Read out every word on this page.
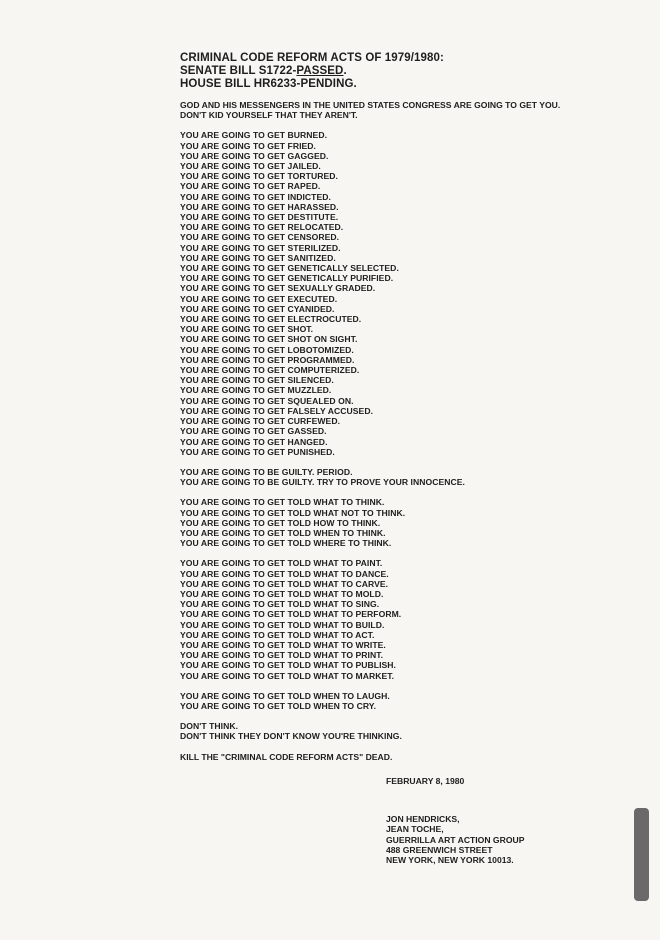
CRIMINAL CODE REFORM ACTS OF 1979/1980:
SENATE BILL S1722-PASSED.
HOUSE BILL HR6233-PENDING.
GOD AND HIS MESSENGERS IN THE UNITED STATES CONGRESS ARE GOING TO GET YOU.
DON'T KID YOURSELF THAT THEY AREN'T.
YOU ARE GOING TO GET BURNED.
YOU ARE GOING TO GET FRIED.
YOU ARE GOING TO GET GAGGED.
YOU ARE GOING TO GET JAILED.
YOU ARE GOING TO GET TORTURED.
YOU ARE GOING TO GET RAPED.
YOU ARE GOING TO GET INDICTED.
YOU ARE GOING TO GET HARASSED.
YOU ARE GOING TO GET DESTITUTE.
YOU ARE GOING TO GET RELOCATED.
YOU ARE GOING TO GET CENSORED.
YOU ARE GOING TO GET STERILIZED.
YOU ARE GOING TO GET SANITIZED.
YOU ARE GOING TO GET GENETICALLY SELECTED.
YOU ARE GOING TO GET GENETICALLY PURIFIED.
YOU ARE GOING TO GET SEXUALLY GRADED.
YOU ARE GOING TO GET EXECUTED.
YOU ARE GOING TO GET CYANIDED.
YOU ARE GOING TO GET ELECTROCUTED.
YOU ARE GOING TO GET SHOT.
YOU ARE GOING TO GET SHOT ON SIGHT.
YOU ARE GOING TO GET LOBOTOMIZED.
YOU ARE GOING TO GET PROGRAMMED.
YOU ARE GOING TO GET COMPUTERIZED.
YOU ARE GOING TO GET SILENCED.
YOU ARE GOING TO GET MUZZLED.
YOU ARE GOING TO GET SQUEALED ON.
YOU ARE GOING TO GET FALSELY ACCUSED.
YOU ARE GOING TO GET CURFEWED.
YOU ARE GOING TO GET GASSED.
YOU ARE GOING TO GET HANGED.
YOU ARE GOING TO GET PUNISHED.
YOU ARE GOING TO BE GUILTY. PERIOD.
YOU ARE GOING TO BE GUILTY. TRY TO PROVE YOUR INNOCENCE.
YOU ARE GOING TO GET TOLD WHAT TO THINK.
YOU ARE GOING TO GET TOLD WHAT NOT TO THINK.
YOU ARE GOING TO GET TOLD HOW TO THINK.
YOU ARE GOING TO GET TOLD WHEN TO THINK.
YOU ARE GOING TO GET TOLD WHERE TO THINK.
YOU ARE GOING TO GET TOLD WHAT TO PAINT.
YOU ARE GOING TO GET TOLD WHAT TO DANCE.
YOU ARE GOING TO GET TOLD WHAT TO CARVE.
YOU ARE GOING TO GET TOLD WHAT TO MOLD.
YOU ARE GOING TO GET TOLD WHAT TO SING.
YOU ARE GOING TO GET TOLD WHAT TO PERFORM.
YOU ARE GOING TO GET TOLD WHAT TO BUILD.
YOU ARE GOING TO GET TOLD WHAT TO ACT.
YOU ARE GOING TO GET TOLD WHAT TO WRITE.
YOU ARE GOING TO GET TOLD WHAT TO PRINT.
YOU ARE GOING TO GET TOLD WHAT TO PUBLISH.
YOU ARE GOING TO GET TOLD WHAT TO MARKET.
YOU ARE GOING TO GET TOLD WHEN TO LAUGH.
YOU ARE GOING TO GET TOLD WHEN TO CRY.
DON'T THINK.
DON'T THINK THEY DON'T KNOW YOU'RE THINKING.
KILL THE "CRIMINAL CODE REFORM ACTS" DEAD.
FEBRUARY 8, 1980
JON HENDRICKS,
JEAN TOCHE,
GUERRILLA ART ACTION GROUP
488 GREENWICH STREET
NEW YORK, NEW YORK 10013.
